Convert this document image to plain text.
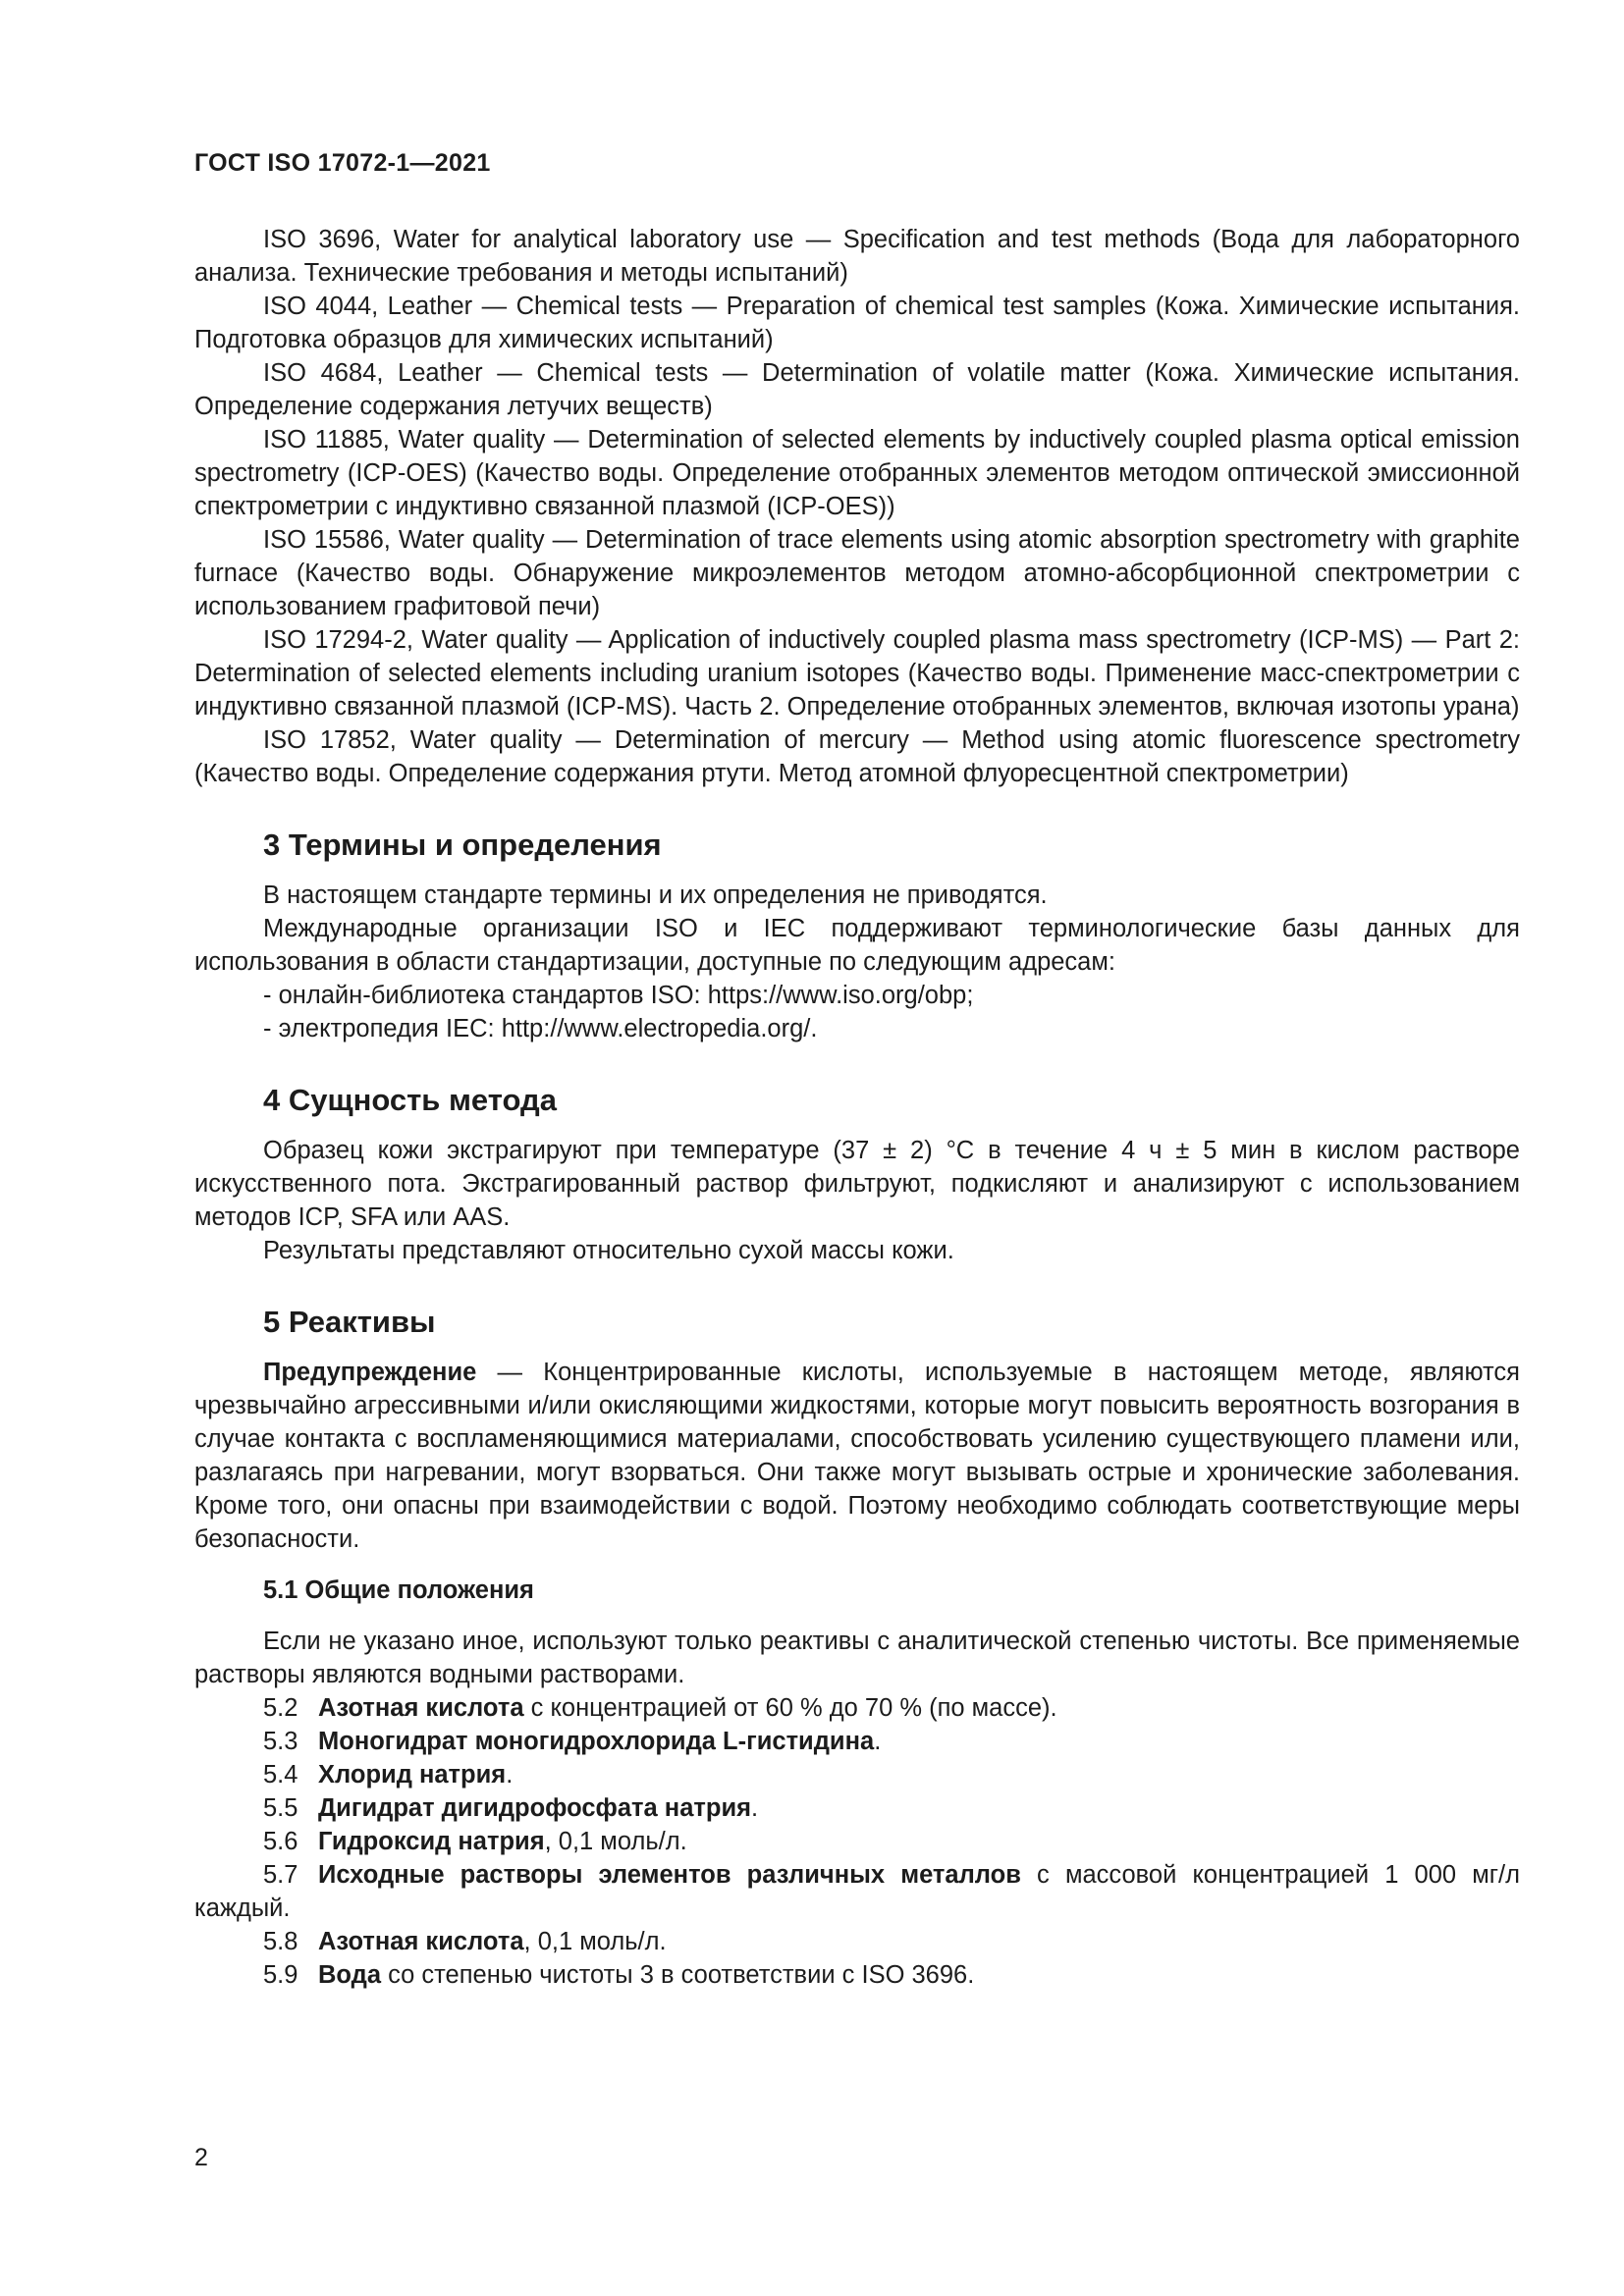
ГОСТ ISO 17072-1—2021

ISO 3696, Water for analytical laboratory use — Specification and test methods (Вода для лабораторного анализа. Технические требования и методы испытаний)

ISO 4044, Leather — Chemical tests — Preparation of chemical test samples (Кожа. Химические испытания. Подготовка образцов для химических испытаний)

ISO 4684, Leather — Chemical tests — Determination of volatile matter (Кожа. Химические испытания. Определение содержания летучих веществ)

ISO 11885, Water quality — Determination of selected elements by inductively coupled plasma optical emission spectrometry (ICP-OES) (Качество воды. Определение отобранных элементов методом оптической эмиссионной спектрометрии с индуктивно связанной плазмой (ICP-OES))

ISO 15586, Water quality — Determination of trace elements using atomic absorption spectrometry with graphite furnace (Качество воды. Обнаружение микроэлементов методом атомно-абсорбционной спектрометрии с использованием графитовой печи)

ISO 17294-2, Water quality — Application of inductively coupled plasma mass spectrometry (ICP-MS) — Part 2: Determination of selected elements including uranium isotopes (Качество воды. Применение масс-спектрометрии с индуктивно связанной плазмой (ICP-MS). Часть 2. Определение отобранных элементов, включая изотопы урана)

ISO 17852, Water quality — Determination of mercury — Method using atomic fluorescence spectrometry (Качество воды. Определение содержания ртути. Метод атомной флуоресцентной спектрометрии)

3 Термины и определения

В настоящем стандарте термины и их определения не приводятся.

Международные организации ISO и IEC поддерживают терминологические базы данных для использования в области стандартизации, доступные по следующим адресам:

- онлайн-библиотека стандартов ISO: https://www.iso.org/obp;

- электропедия IEC: http://www.electropedia.org/.

4 Сущность метода

Образец кожи экстрагируют при температуре (37 ± 2) °С в течение 4 ч ± 5 мин в кислом растворе искусственного пота. Экстрагированный раствор фильтруют, подкисляют и анализируют с использованием методов ICP, SFA или AAS.

Результаты представляют относительно сухой массы кожи.

5 Реактивы

Предупреждение — Концентрированные кислоты, используемые в настоящем методе, являются чрезвычайно агрессивными и/или окисляющими жидкостями, которые могут повысить вероятность возгорания в случае контакта с воспламеняющимися материалами, способствовать усилению существующего пламени или, разлагаясь при нагревании, могут взорваться. Они также могут вызывать острые и хронические заболевания. Кроме того, они опасны при взаимодействии с водой. Поэтому необходимо соблюдать соответствующие меры безопасности.

5.1 Общие положения

Если не указано иное, используют только реактивы с аналитической степенью чистоты. Все применяемые растворы являются водными растворами.

5.2 Азотная кислота с концентрацией от 60 % до 70 % (по массе).

5.3 Моногидрат моногидрохлорида L-гистидина.

5.4 Хлорид натрия.

5.5 Дигидрат дигидрофосфата натрия.

5.6 Гидроксид натрия, 0,1 моль/л.

5.7 Исходные растворы элементов различных металлов с массовой концентрацией 1 000 мг/л каждый.

5.8 Азотная кислота, 0,1 моль/л.

5.9 Вода со степенью чистоты 3 в соответствии с ISO 3696.

2
